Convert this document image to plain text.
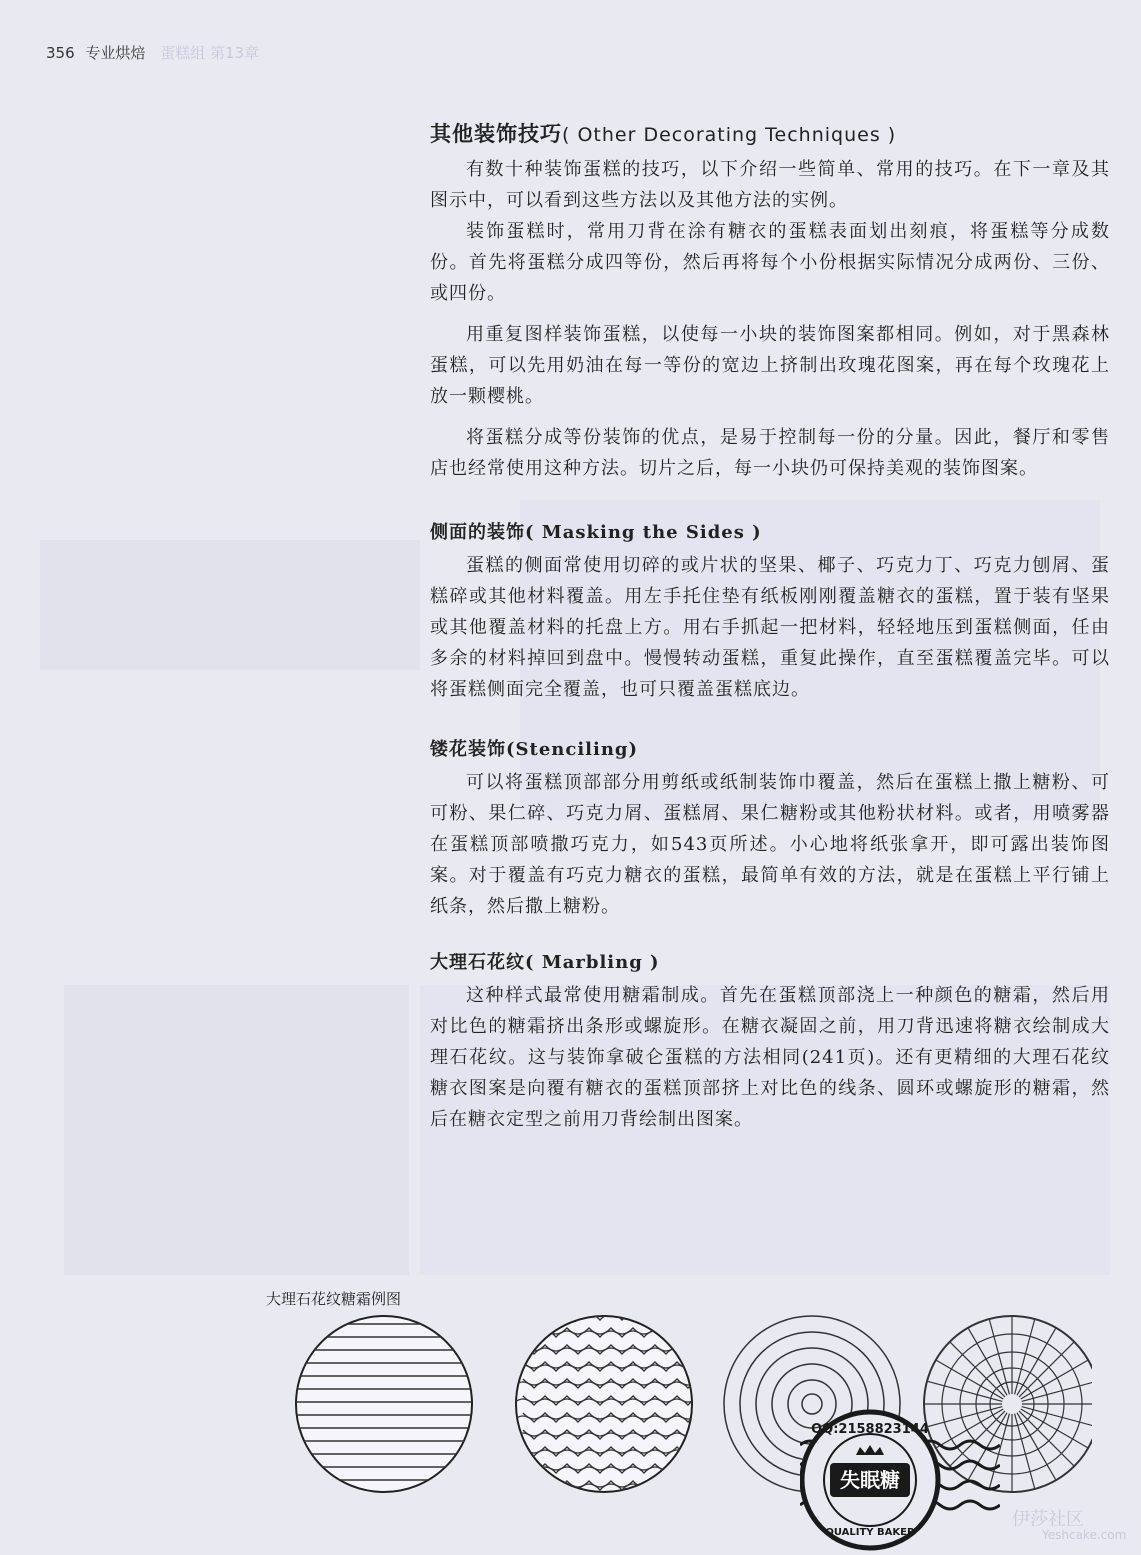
356 专业烘焙 蛋糕组 第13章
其他装饰技巧( Other Decorating Techniques )

有数十种装饰蛋糕的技巧，以下介绍一些简单、常用的技巧。在下一章及其图示中，可以看到这些方法以及其他方法的实例。

装饰蛋糕时，常用刀背在涂有糖衣的蛋糕表面划出刻痕，将蛋糕等分成数份。首先将蛋糕分成四等份，然后再将每个小份根据实际情况分成两份、三份、或四份。

用重复图样装饰蛋糕，以使每一小块的装饰图案都相同。例如，对于黑森林蛋糕，可以先用奶油在每一等份的宽边上挤制出玫瑰花图案，再在每个玫瑰花上放一颗樱桃。

将蛋糕分成等份装饰的优点，是易于控制每一份的分量。因此，餐厅和零售店也经常使用这种方法。切片之后，每一小块仍可保持美观的装饰图案。

侧面的装饰( Masking the Sides )

蛋糕的侧面常使用切碎的或片状的坚果、椰子、巧克力丁、巧克力刨屑、蛋糕碎或其他材料覆盖。用左手托住垫有纸板刚刚覆盖糖衣的蛋糕，置于装有坚果或其他覆盖材料的托盘上方。用右手抓起一把材料，轻轻地压到蛋糕侧面，任由多余的材料掉回到盘中。慢慢转动蛋糕，重复此操作，直至蛋糕覆盖完毕。可以将蛋糕侧面完全覆盖，也可只覆盖蛋糕底边。

镂花装饰(Stenciling)

可以将蛋糕顶部部分用剪纸或纸制装饰巾覆盖，然后在蛋糕上撒上糖粉、可可粉、果仁碎、巧克力屑、蛋糕屑、果仁糖粉或其他粉状材料。或者，用喷雾器在蛋糕顶部喷撒巧克力，如543页所述。小心地将纸张拿开，即可露出装饰图案。对于覆盖有巧克力糖衣的蛋糕，最简单有效的方法，就是在蛋糕上平行铺上纸条，然后撒上糖粉。

大理石花纹( Marbling )

这种样式最常使用糖霜制成。首先在蛋糕顶部浇上一种颜色的糖霜，然后用对比色的糖霜挤出条形或螺旋形。在糖衣凝固之前，用刀背迅速将糖衣绘制成大理石花纹。这与装饰拿破仑蛋糕的方法相同(241页)。还有更精细的大理石花纹糖衣图案是向覆有糖衣的蛋糕顶部挤上对比色的线条、圆环或螺旋形的糖霜，然后在糖衣定型之前用刀背绘制出图案。

大理石花纹糖霜例图
失眠糖
QQ:2158823144
QUALITY BAKER
伊莎社区
Yeshcake.com
